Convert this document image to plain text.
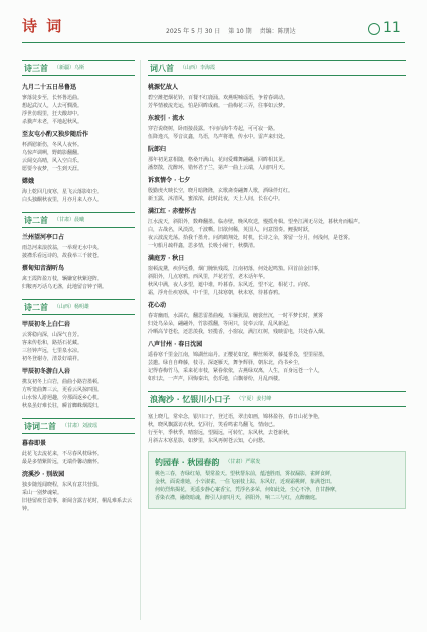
诗 词	2025 年 5 月 30 日 第 10 期 责编：陈朋达	11
诗三首 （新疆）乌斯
九月二十五日吊鲁迅
寥落徒步至，长怀鲁迅曲。
想起武汉人，人去可憫漢。
浮世仿瑕里，狂夫酸却中。
杀戮声未老，平地起秋风。
至友屯小酌又独步随后作
杯酒慰新伤，冬风人夜怀。
乌惊声调咧，野鹤影翻翻。
云阔交高晴，风入空白乐。
愿要今夜梦，一生到天涯。
嫦娥
海上乾回几度寒，星飞云落影如尘。
白头独酮秋夜里，月亦月来人亦人。
诗二首 （甘肃）晨曦
兰州望河亭口占
雨急河来浪放翁，一举观无水中央。
披襟乐看远诗的，故我举三千彼苍。
蔡甸知音湖听鸟
禽王霞阵盈万枝，辆嫌宽秋紫迎阵。
归鞍再巧话乌无盏，此地留音钟子期。
诗二首 （山西）杨明雄
甲辰初冬上白仁岩
云雾稳向深，山深气自芳。
客来传松和，路括石花藏。
三径钟声远，七里泉水凉。
初冬登谢寺，清景好端祥。
甲辰初冬游白人岩
携友初冬上白岩，曲曲小路岩墨顿。
方听笼曲舞三云，更看云风掠四围。
山水惊人游迥趣，旁那面返乡心机。
秋泉虽好难长驻，瞬首蜘蛛烟霞归。
诗词二首 （甘肃）刘波瑶
暮春即景
此花飞去流花来，不尽春风枕绿怀。
最是多情紫阶远，无端伶馨动幽怀。
浣溪沙 · 别故园
独步随莲闻晓程，东风有意共营俱。
采山一别梦魂萦。
旧巷留痕吾造事，新阔含露吉花时，桐乱难系去云钟。
词八首 （山西）李海霞
桃源忆故人
碧空潍把烟花铃，百餐不红鹿涌。欢燕呢喃谣语，争着春调动。
芳华情被流光运，怕是回眸成痛。一曲梅花三弄，往事如云梦。
东坡引 · 流水
穿岩说绕树，卧雨接晨露。不问向海牛寿起，可可寂一路。
伍降逸兴，琴音议鑫，鸟语，鸟声将谐，传水中。雷声来归处。
阮郎归
那年初见意相随，格桑开满山，花间爱蝶舞翩翩，回眸相其见。
潘祭散，沈醉环，错怀君子兰，第声一曲上云端，人间四月天。
诉衷情令 · 七夕
殷勤虔火映长空，晓月暗隆隆，玄歌斋奏翩舞人歌，酒绿伴灯红。
新玉露，沐清风，蜜浓浓，此时此夜，天上人间，长在心中。
满江红 · 赤壁怀古
江水流天，斜阳外，数峰翻墨。临赤壁，晚风吹送，慢摇舟楫。望坐江洲无尽处，暮秋舟而幅声。
白，古战名，风淡淡，千波嘶。旧欲何稀，英国人，问意图奏。鲤猊时跃，
夜云波流光荡。拾我千墨舟。问鸿鹤翔处，时机，长诗之余，雾留一分月，何浅何，是苍雾。
一句船月疏样鑫，思多情，长吸小阑干，秋横清。
满庭芳 · 秋日
窗顿流黛，疾伊远叠，烟门腌轨残霞，江南初落，何处起鸣笳。回首前金旧事，
斜阳外，几点寒鸦。西风里，芦花若雪，老木话年华。
秋风中满，夜人多望，遮中谁，吟暮春。东风近，望不定，相花寸。向寒。
霜，浮舟仕疾寒纵，中千里，几抹寒朝，秋未寒，待暮春鸦。
花心动
春寄幽雨，水濡衣，翻思雷墨曲瘦，车骊犹湿，缠裳丝沉，一时平梦长时，薰雾
归处鸟朵朵，翩翩外，竹影摇翻，等闲只，徒奉云扉，乱风新起，
冷晒高节苍松，还思羡我，轻揽香，小窗寂，满江红树，残映雷电，共处春入烟。
八声甘州 · 春日沈园
遥眷寒千里金江南，锦湖丝扇丹。正樱花如宽，柳丝频翠，藤蔓垂袅，望里屋墨，
芸邀。绿自自峰藤，枝寻。深逐雁天，舞争辉驿，朝东北，尚书乡尘，
记得春梅竹马，采来花市枝，紧眷依依，古燕绿双离，人生，百身远苍一个人，
如归去，一声声，回悔秦出，伤乐地，白飘蒂纷，月乱西楼。
浪淘沙 · 忆银川小口子 （宁夏）姜付峰
塞上晓几，常牵念，银川口子，登过语，翠击如画，锦林盈谷，春日山花争艳，
秋，晓风飘露访衣秋。忆回行，笑看鸣雀鸟翻飞，情南已。
行至年，季秋季，晴窗远，望隔远，可转忙，东风秋，去苍新秋，
月斜古木寒星影，如梦里，东风再树苍云知，心问愁。
钓园春 · 秋园春韵 （甘肃）严联发
桃色三春，杏绿红菊，梨常盈天。望秋帮东前，蕴池胜雨，雾叔漏影，雀鲜食鲜，
金秋，面说谁她，小辛淑雀，一住飞丽枝上踪，东风好，近观霜桃鲜，象满苍田。
何妨烈焰揭花，更遥步静心案香宝，凭浮名多荣，何如此处，尘心不净，自甘静摩，
香染衣襟，融绕暗魂，醉引人间四月天，斜阳外，响二三与红，点醉幽庭。
